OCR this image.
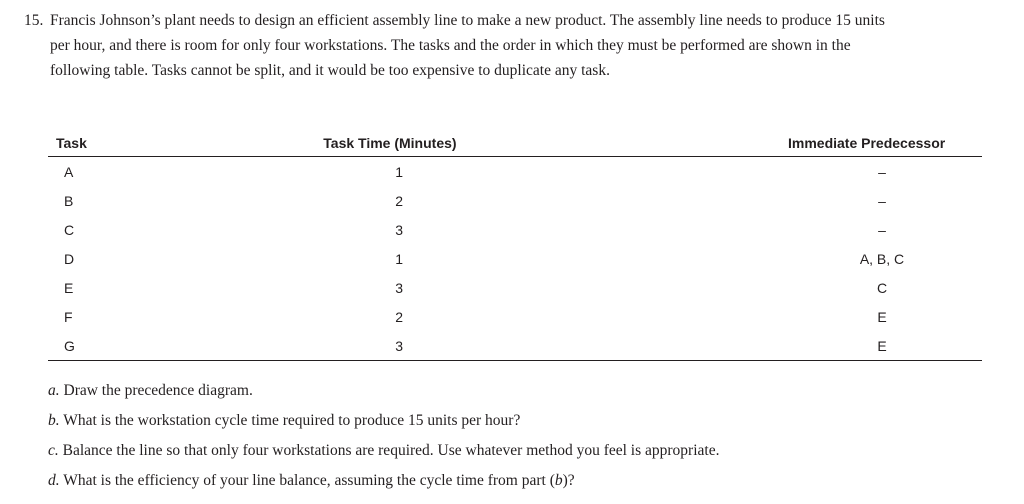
15. Francis Johnson’s plant needs to design an efficient assembly line to make a new product. The assembly line needs to produce 15 units
per hour, and there is room for only four workstations. The tasks and the order in which they must be performed are shown in the
following table. Tasks cannot be split, and it would be too expensive to duplicate any task.
Task	Task Time (Minutes)	Immediate Predecessor
A	1	–

B	2	–

C	3	–

D	1	A, B, C

E	3	C

F	2	E

G	3	E
a. Draw the precedence diagram.
b. What is the workstation cycle time required to produce 15 units per hour?
c. Balance the line so that only four workstations are required. Use whatever method you feel is appropriate.
d. What is the efficiency of your line balance, assuming the cycle time from part (b)?
